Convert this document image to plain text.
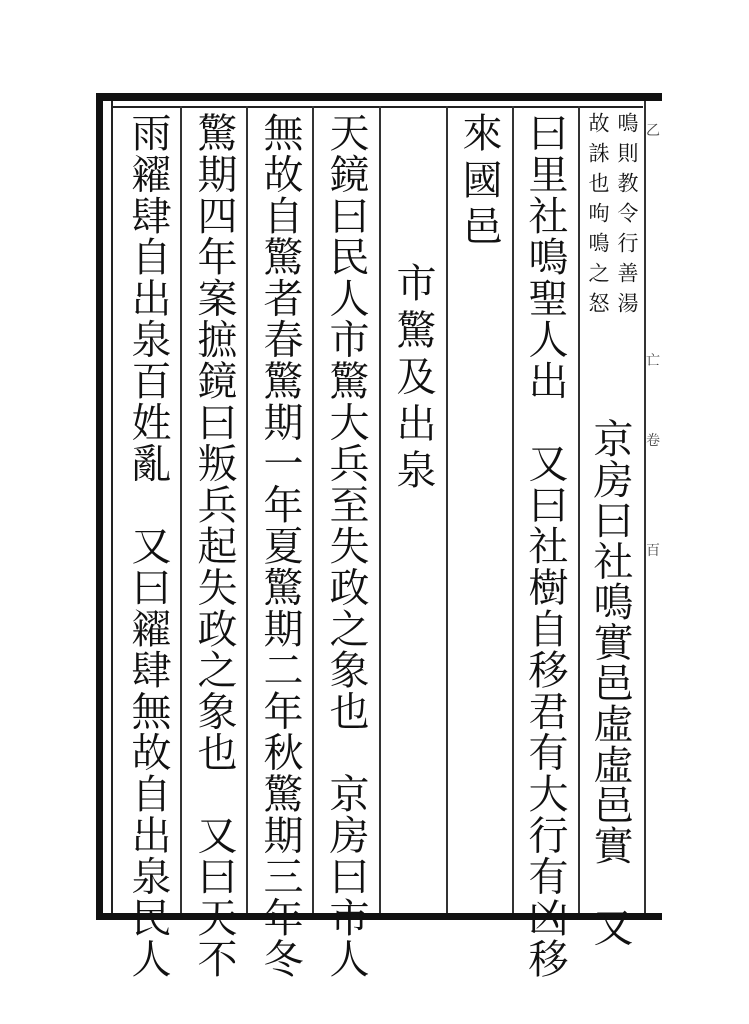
乙
亡
卷
百
鳴則教令行善湯
故誅也呴鳴之怒
京房曰社鳴實邑虛虛邑實　又
曰里社鳴聖人出　又曰社樹自移君有大行有凶移
來國邑
市驚及出泉
天鏡曰民人市驚大兵至失政之象也　京房曰市人
無故自驚者春驚期一年夏驚期二年秋驚期三年冬
驚期四年案摭鏡曰叛兵起失政之象也　又曰天不
雨糴肆自出泉百姓亂　又曰糴肆無故自出泉民人
